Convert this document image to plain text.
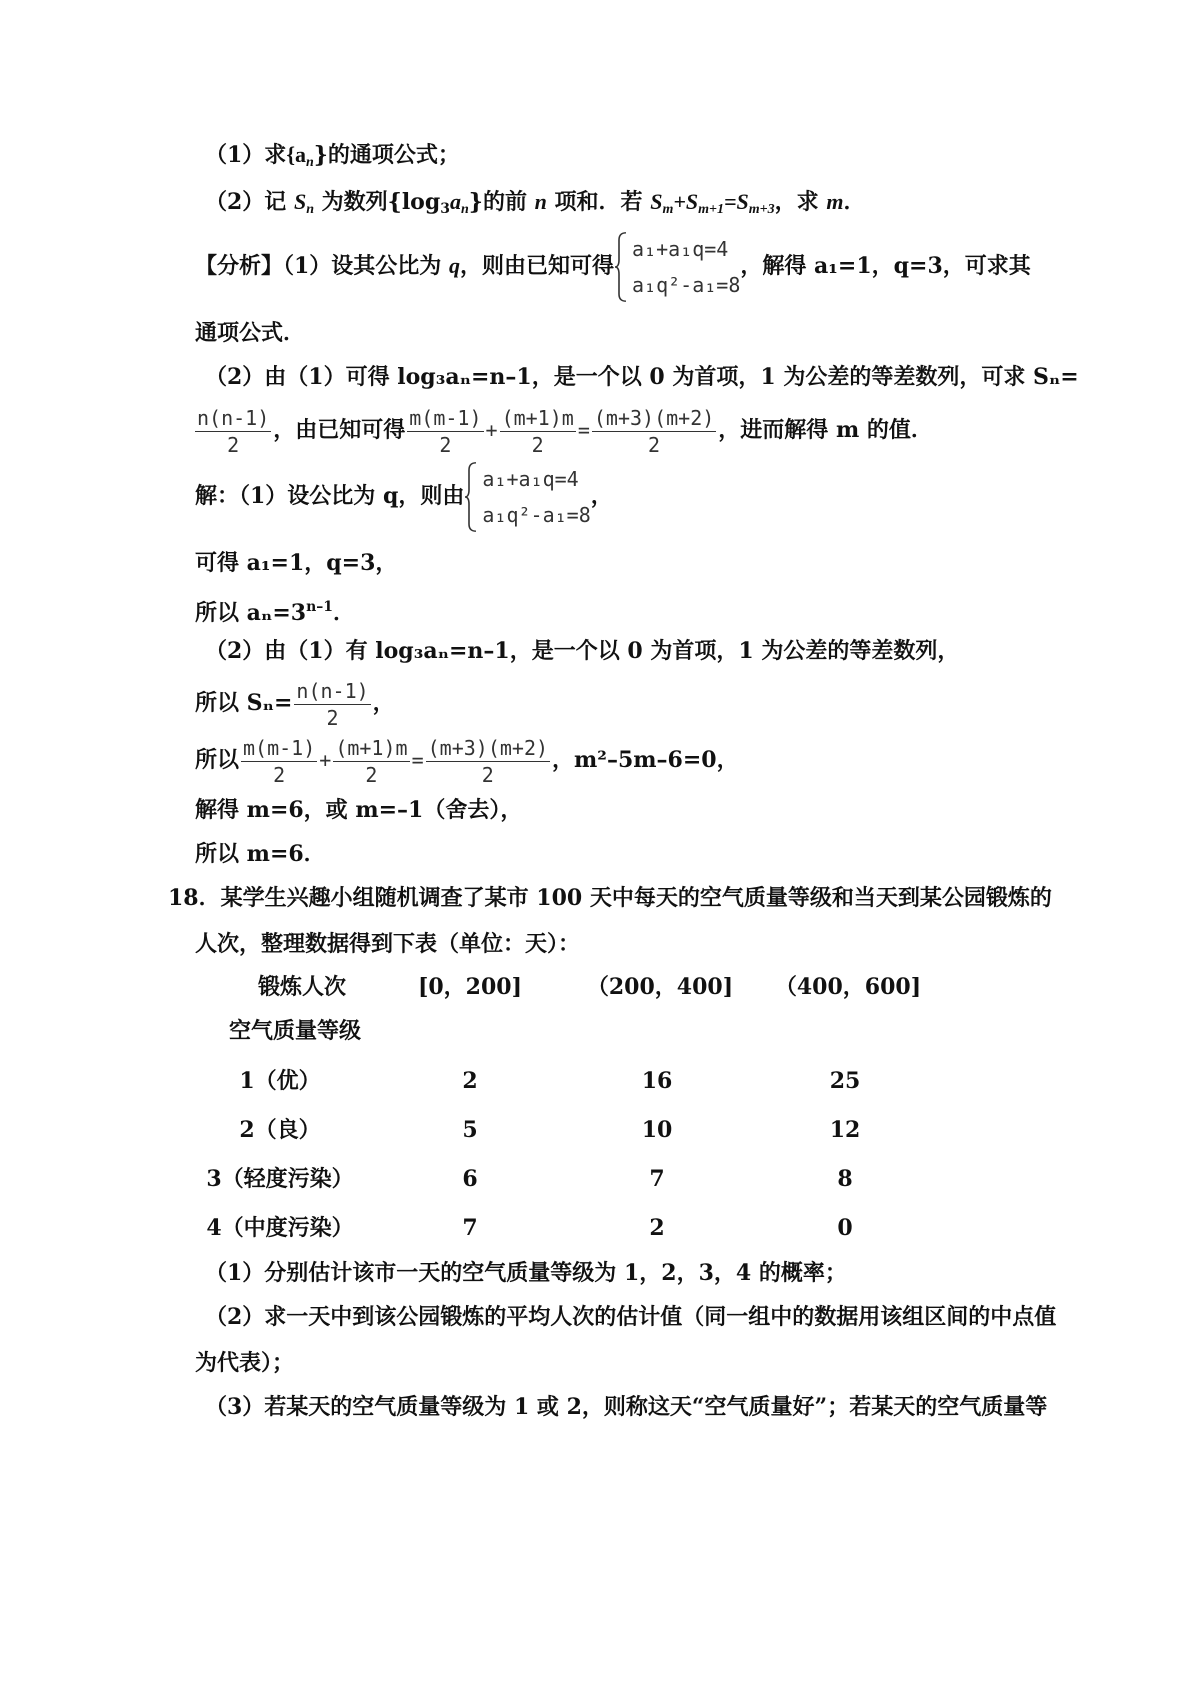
（1）求$\{a_n\}$的通项公式；
（2）记 $S_n$ 为数列$\{\log_3a_n\}$的前 n 项和．若 $S_m+S_{m+1}=S_{m+3}$，求 m．
【分析】（1）设其公比为 q，则由已知可得
a₁+a₁q=4
a₁q²-a₁=8
，解得 a₁=1，q=3，可求其
通项公式．
（2）由（1）可得 log₃aₙ=n–1，是一个以 0 为首项，1 为公差的等差数列，可求 Sₙ=
$\frac{n(n-1)}{2}$ ，由已知可得 $\frac{m(m-1)}{2} + \frac{(m+1)m}{2} = \frac{(m+3)(m+2)}{2}$ ，进而解得 m 的值．
解：（1）设公比为 q，则由
a₁+a₁q=4
a₁q²-a₁=8
，
可得 a₁=1，q=3，
所以 $a_n=3^{n-1}$．
（2）由（1）有 log₃aₙ=n–1，是一个以 0 为首项，1 为公差的等差数列，
所以 $S_n= \frac{n(n-1)}{2}$ ，
所以 $\frac{m(m-1)}{2} + \frac{(m+1)m}{2} = \frac{(m+3)(m+2)}{2}$ ，m²–5m–6=0，
解得 m=6，或 m=–1（舍去），
所以 m=6．
18．某学生兴趣小组随机调查了某市 100 天中每天的空气质量等级和当天到某公园锻炼的
人次，整理数据得到下表（单位：天）：
锻炼人次	[0，200]	（200，400] （400，600]
空气质量等级
1（优）	2	16	25
2（良）	5	10	12
3（轻度污染）	6	7	8
4（中度污染）	7	2	0
（1）分别估计该市一天的空气质量等级为 1，2，3，4 的概率；
（2）求一天中到该公园锻炼的平均人次的估计值（同一组中的数据用该组区间的中点值
为代表）；
（3）若某天的空气质量等级为 1 或 2，则称这天“空气质量好”；若某天的空气质量等
